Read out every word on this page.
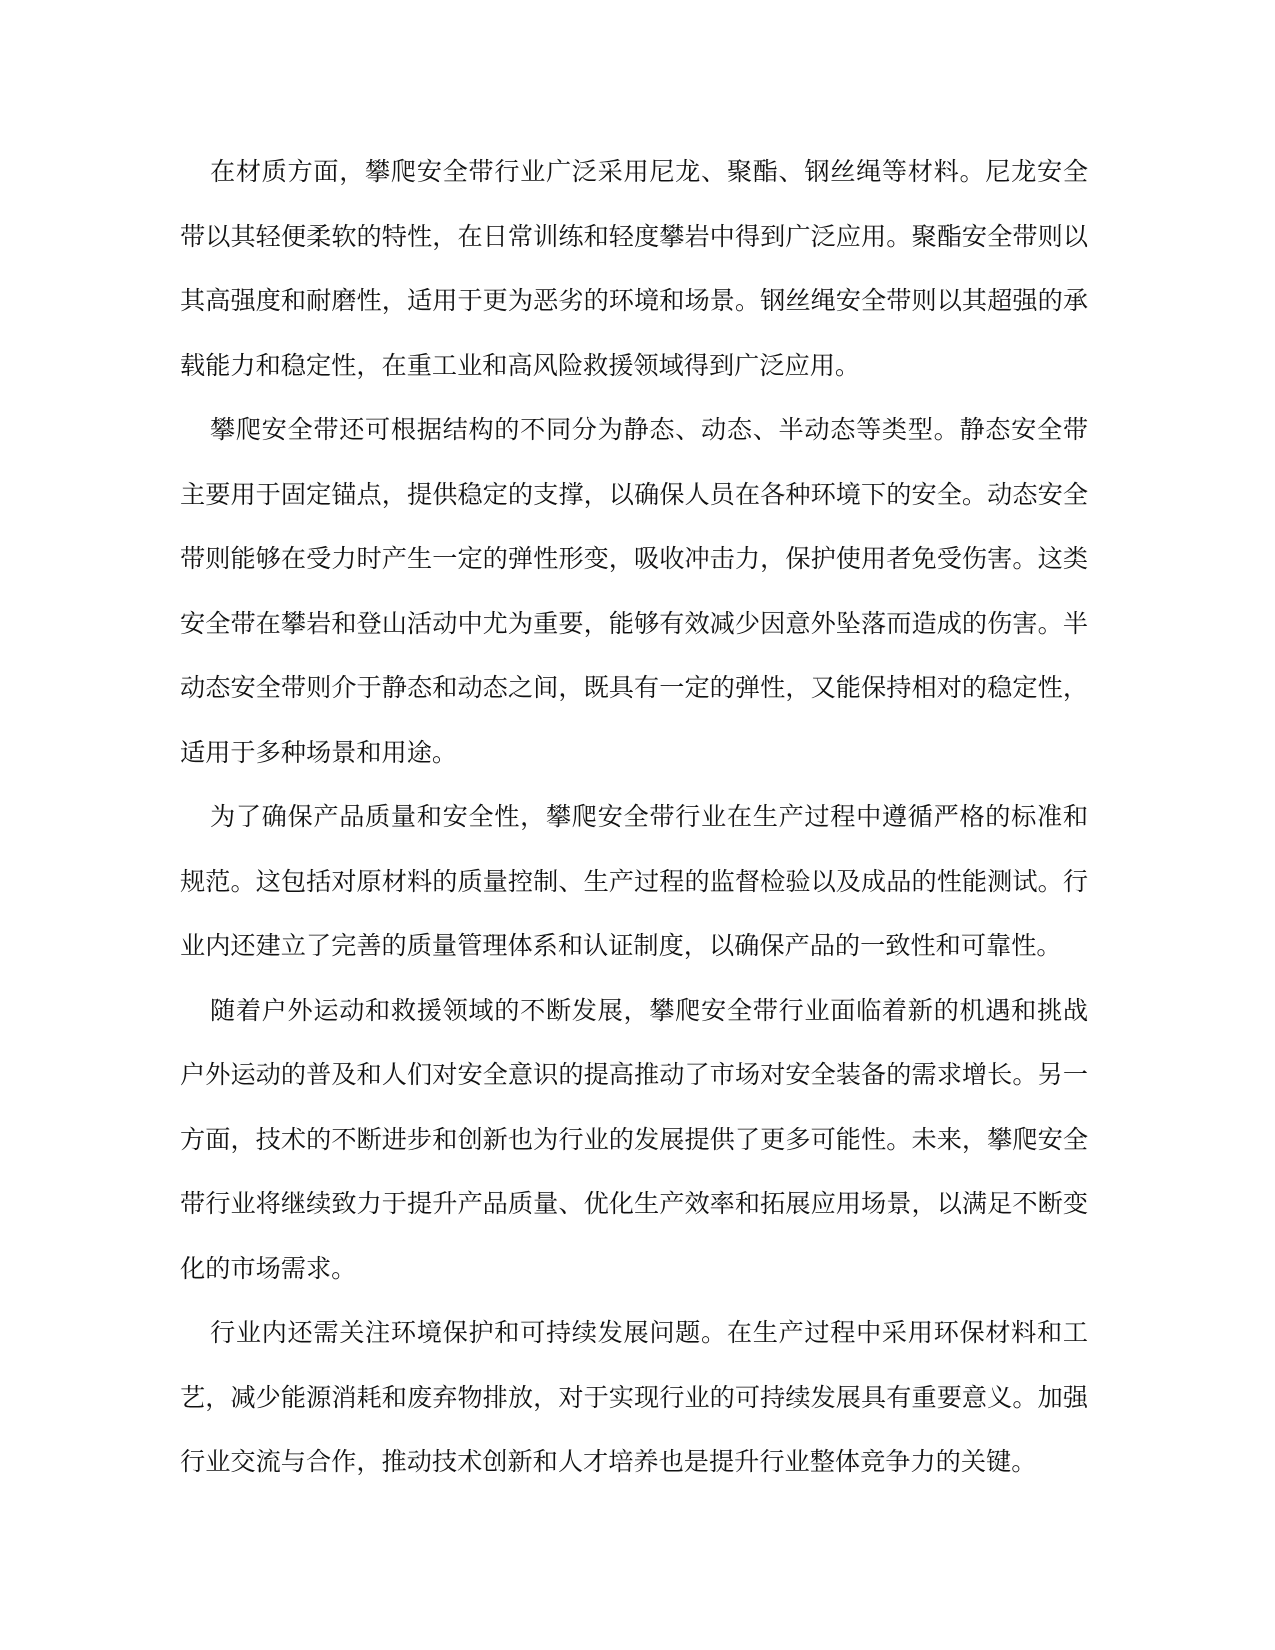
在材质方面，攀爬安全带行业广泛采用尼龙、聚酯、钢丝绳等材料。尼龙安全带以其轻便柔软的特性，在日常训练和轻度攀岩中得到广泛应用。聚酯安全带则以其高强度和耐磨性，适用于更为恶劣的环境和场景。钢丝绳安全带则以其超强的承载能力和稳定性，在重工业和高风险救援领域得到广泛应用。

攀爬安全带还可根据结构的不同分为静态、动态、半动态等类型。静态安全带主要用于固定锚点，提供稳定的支撑，以确保人员在各种环境下的安全。动态安全带则能够在受力时产生一定的弹性形变，吸收冲击力，保护使用者免受伤害。这类安全带在攀岩和登山活动中尤为重要，能够有效减少因意外坠落而造成的伤害。半动态安全带则介于静态和动态之间，既具有一定的弹性，又能保持相对的稳定性，适用于多种场景和用途。

为了确保产品质量和安全性，攀爬安全带行业在生产过程中遵循严格的标准和规范。这包括对原材料的质量控制、生产过程的监督检验以及成品的性能测试。行业内还建立了完善的质量管理体系和认证制度，以确保产品的一致性和可靠性。

随着户外运动和救援领域的不断发展，攀爬安全带行业面临着新的机遇和挑战户外运动的普及和人们对安全意识的提高推动了市场对安全装备的需求增长。另一方面，技术的不断进步和创新也为行业的发展提供了更多可能性。未来，攀爬安全带行业将继续致力于提升产品质量、优化生产效率和拓展应用场景，以满足不断变化的市场需求。

行业内还需关注环境保护和可持续发展问题。在生产过程中采用环保材料和工艺，减少能源消耗和废弃物排放，对于实现行业的可持续发展具有重要意义。加强行业交流与合作，推动技术创新和人才培养也是提升行业整体竞争力的关键。
